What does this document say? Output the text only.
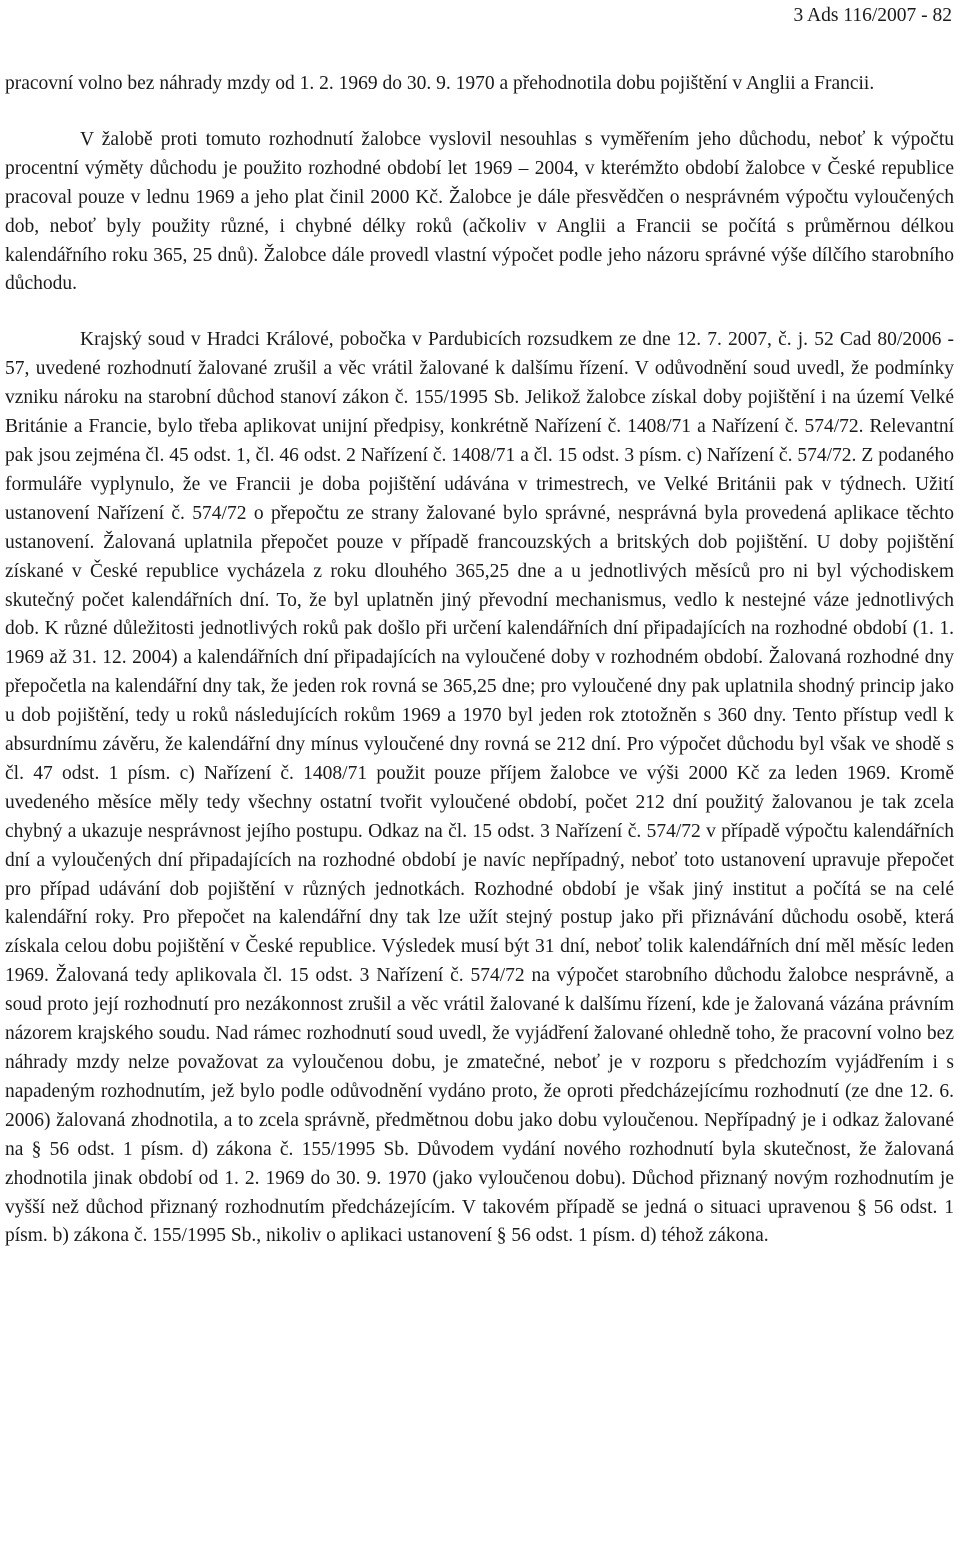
3 Ads 116/2007 - 82

pracovní volno bez náhrady mzdy od 1. 2. 1969 do 30. 9. 1970 a přehodnotila dobu pojištění v Anglii a Francii.

V žalobě proti tomuto rozhodnutí žalobce vyslovil nesouhlas s vyměřením jeho důchodu, neboť k výpočtu procentní výměty důchodu je použito rozhodné období let 1969 – 2004, v kterémžto období žalobce v České republice pracoval pouze v lednu 1969 a jeho plat činil 2000 Kč. Žalobce je dále přesvědčen o nesprávném výpočtu vyloučených dob, neboť byly použity různé, i chybné délky roků (ačkoliv v Anglii a Francii se počítá s průměrnou délkou kalendářního roku 365, 25 dnů). Žalobce dále provedl vlastní výpočet podle jeho názoru správné výše dílčího starobního důchodu.

Krajský soud v Hradci Králové, pobočka v Pardubicích rozsudkem ze dne 12. 7. 2007, č. j. 52 Cad 80/2006 - 57, uvedené rozhodnutí žalované zrušil a věc vrátil žalované k dalšímu řízení. V odůvodnění soud uvedl, že podmínky vzniku nároku na starobní důchod stanoví zákon č. 155/1995 Sb. Jelikož žalobce získal doby pojištění i na území Velké Británie a Francie, bylo třeba aplikovat unijní předpisy, konkrétně Nařízení č. 1408/71 a Nařízení č. 574/72. Relevantní pak jsou zejména čl. 45 odst. 1, čl. 46 odst. 2 Nařízení č. 1408/71 a čl. 15 odst. 3 písm. c) Nařízení č. 574/72. Z podaného formuláře vyplynulo, že ve Francii je doba pojištění udávána v trimestrech, ve Velké Británii pak v týdnech. Užití ustanovení Nařízení č. 574/72 o přepočtu ze strany žalované bylo správné, nesprávná byla provedená aplikace těchto ustanovení. Žalovaná uplatnila přepočet pouze v případě francouzských a britských dob pojištění. U doby pojištění získané v České republice vycházela z roku dlouhého 365,25 dne a u jednotlivých měsíců pro ni byl východiskem skutečný počet kalendářních dní. To, že byl uplatněn jiný převodní mechanismus, vedlo k nestejné váze jednotlivých dob. K různé důležitosti jednotlivých roků pak došlo při určení kalendářních dní připadajících na rozhodné období (1. 1. 1969 až 31. 12. 2004) a kalendářních dní připadajících na vyloučené doby v rozhodném období. Žalovaná rozhodné dny přepočetla na kalendářní dny tak, že jeden rok rovná se 365,25 dne; pro vyloučené dny pak uplatnila shodný princip jako u dob pojištění, tedy u roků následujících rokům 1969 a 1970 byl jeden rok ztotožněn s 360 dny. Tento přístup vedl k absurdnímu závěru, že kalendářní dny mínus vyloučené dny rovná se 212 dní. Pro výpočet důchodu byl však ve shodě s čl. 47 odst. 1 písm. c) Nařízení č. 1408/71 použit pouze příjem žalobce ve výši 2000 Kč za leden 1969. Kromě uvedeného měsíce měly tedy všechny ostatní tvořit vyloučené období, počet 212 dní použitý žalovanou je tak zcela chybný a ukazuje nesprávnost jejího postupu. Odkaz na čl. 15 odst. 3 Nařízení č. 574/72 v případě výpočtu kalendářních dní a vyloučených dní připadajících na rozhodné období je navíc nepřípadný, neboť toto ustanovení upravuje přepočet pro případ udávání dob pojištění v různých jednotkách. Rozhodné období je však jiný institut a počítá se na celé kalendářní roky. Pro přepočet na kalendářní dny tak lze užít stejný postup jako při přiznávání důchodu osobě, která získala celou dobu pojištění v České republice. Výsledek musí být 31 dní, neboť tolik kalendářních dní měl měsíc leden 1969. Žalovaná tedy aplikovala čl. 15 odst. 3 Nařízení č. 574/72 na výpočet starobního důchodu žalobce nesprávně, a soud proto její rozhodnutí pro nezákonnost zrušil a věc vrátil žalované k dalšímu řízení, kde je žalovaná vázána právním názorem krajského soudu. Nad rámec rozhodnutí soud uvedl, že vyjádření žalované ohledně toho, že pracovní volno bez náhrady mzdy nelze považovat za vyloučenou dobu, je zmatečné, neboť je v rozporu s předchozím vyjádřením i s napadeným rozhodnutím, jež bylo podle odůvodnění vydáno proto, že oproti předcházejícímu rozhodnutí (ze dne 12. 6. 2006) žalovaná zhodnotila, a to zcela správně, předmětnou dobu jako dobu vyloučenou. Nepřípadný je i odkaz žalované na § 56 odst. 1 písm. d) zákona č. 155/1995 Sb. Důvodem vydání nového rozhodnutí byla skutečnost, že žalovaná zhodnotila jinak období od 1. 2. 1969 do 30. 9. 1970 (jako vyloučenou dobu). Důchod přiznaný novým rozhodnutím je vyšší než důchod přiznaný rozhodnutím předcházejícím. V takovém případě se jedná o situaci upravenou § 56 odst. 1 písm. b) zákona č. 155/1995 Sb., nikoliv o aplikaci ustanovení § 56 odst. 1 písm. d) téhož zákona.
